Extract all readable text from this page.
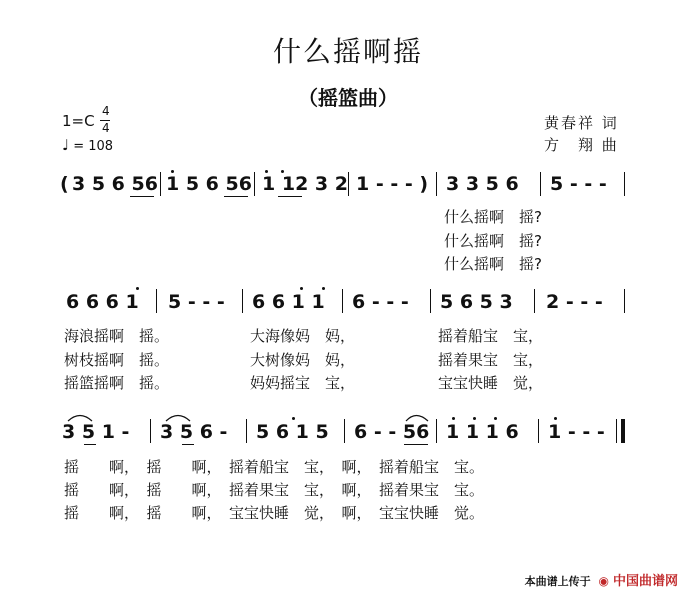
什么摇啊摇
（摇篮曲）
1=C
4
4
♩ = 108
黄春祥 词
方　翔 曲
( 3 5 6 56 1 5 6 56 1 12 3 2 1 - - - ) 3 3 5 6 5 - - -
什么摇啊　摇?
什么摇啊　摇?
什么摇啊　摇?
6 6 6 1 5 - - - 6 6 1 1 6 - - - 5 6 5 3 2 - - -
海浪摇啊　摇。	大海像妈　妈，	摇着船宝　宝，
树枝摇啊　摇。	大树像妈　妈，	摇着果宝　宝，
摇篮摇啊　摇。	妈妈摇宝　宝，	宝宝快睡　觉，
3 5 1 - 3 5 6 - 5 6 1 5 6 - - 56 1 1 1 6 1 - - -
摇　　啊，　摇　　啊，　摇着船宝　宝，　啊，　摇着船宝　宝。
摇　　啊，　摇　　啊，　摇着果宝　宝，　啊，　摇着果宝　宝。
摇　　啊，　摇　　啊，　宝宝快睡　觉，　啊，　宝宝快睡　觉。
本曲谱上传于 ◉ 中国曲谱网
